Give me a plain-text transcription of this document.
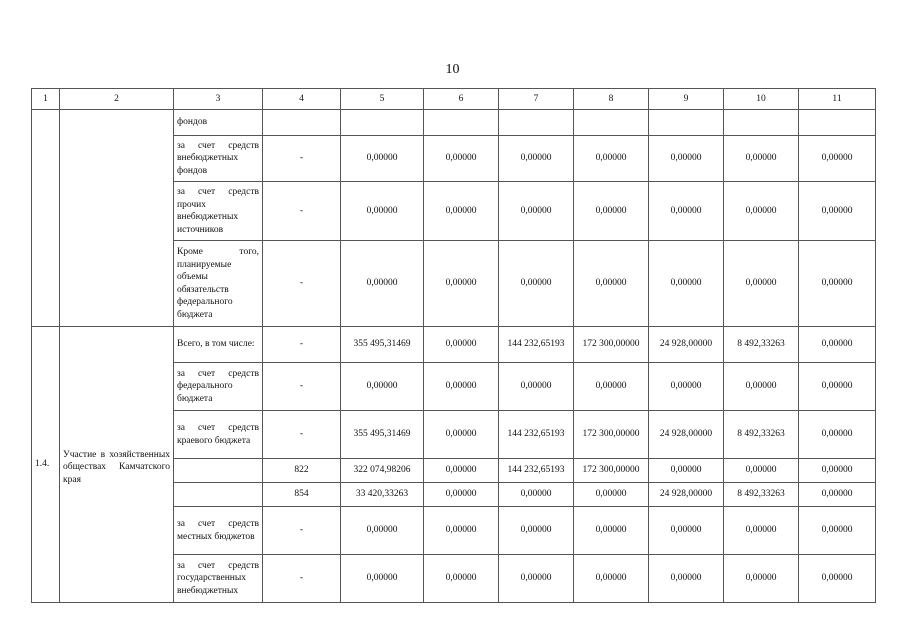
10
1	2	3	4	5	6	7	8	9	10	11
		фондов								
		за счет средств внебюджетных фондов	-	0,00000	0,00000	0,00000	0,00000	0,00000	0,00000	0,00000
		за счет средств прочих внебюджетных источников	-	0,00000	0,00000	0,00000	0,00000	0,00000	0,00000	0,00000
		Кроме того, планируемые объемы обязательств федерального бюджета	-	0,00000	0,00000	0,00000	0,00000	0,00000	0,00000	0,00000
1.4.	Участие в хозяйственных обществах Камчатского края	Всего, в том числе:	-	355 495,31469	0,00000	144 232,65193	172 300,00000	24 928,00000	8 492,33263	0,00000
		за счет средств федерального бюджета	-	0,00000	0,00000	0,00000	0,00000	0,00000	0,00000	0,00000
		за счет средств краевого бюджета	-	355 495,31469	0,00000	144 232,65193	172 300,00000	24 928,00000	8 492,33263	0,00000
			822	322 074,98206	0,00000	144 232,65193	172 300,00000	0,00000	0,00000	0,00000
			854	33 420,33263	0,00000	0,00000	0,00000	24 928,00000	8 492,33263	0,00000
		за счет средств местных бюджетов	-	0,00000	0,00000	0,00000	0,00000	0,00000	0,00000	0,00000
		за счет средств государственных внебюджетных	-	0,00000	0,00000	0,00000	0,00000	0,00000	0,00000	0,00000
